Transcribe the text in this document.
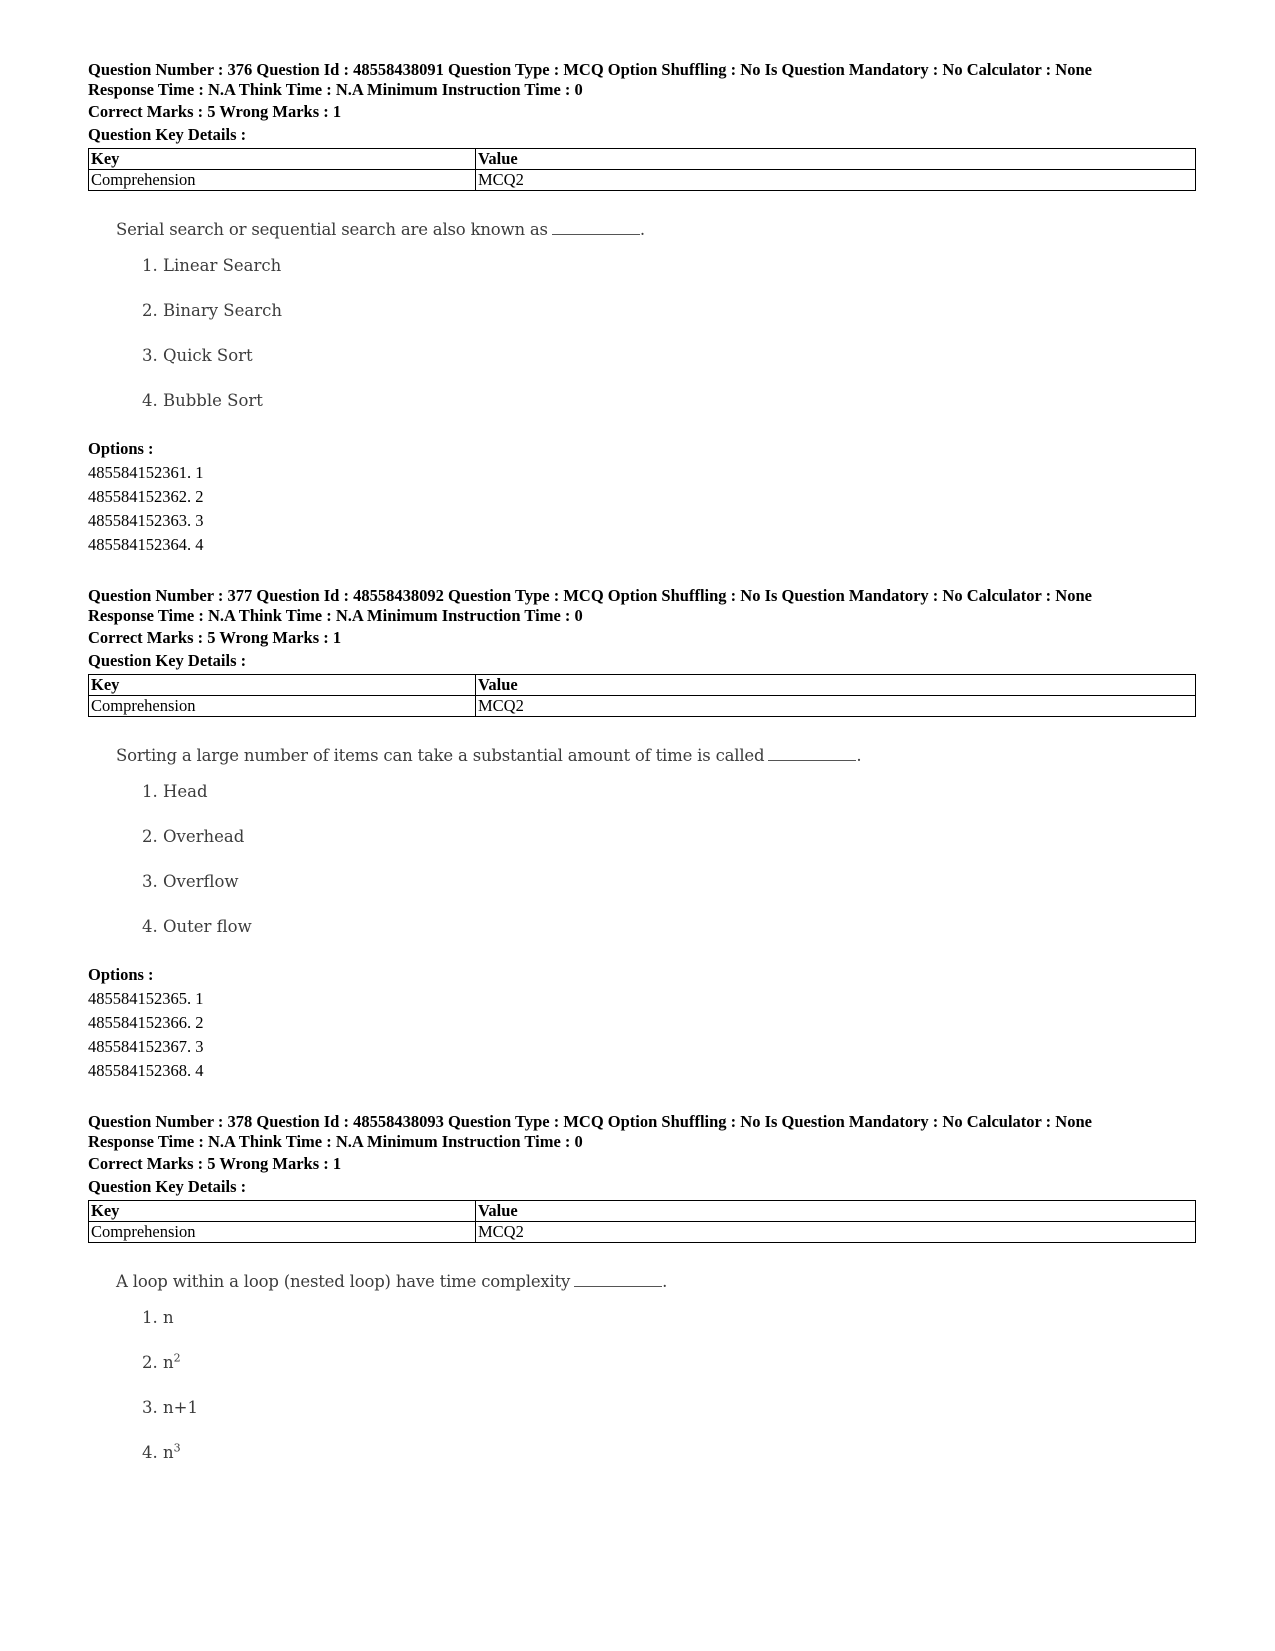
Question Number : 376 Question Id : 48558438091 Question Type : MCQ Option Shuffling : No Is Question Mandatory : No Calculator : None
Response Time : N.A Think Time : N.A Minimum Instruction Time : 0

Correct Marks : 5 Wrong Marks : 1
Question Key Details :
Key	Value
Comprehension	MCQ2
Serial search or sequential search are also known as	.
1. Linear Search
2. Binary Search
3. Quick Sort
4. Bubble Sort
Options :
485584152361. 1
485584152362. 2
485584152363. 3
485584152364. 4

Question Number : 377 Question Id : 48558438092 Question Type : MCQ Option Shuffling : No Is Question Mandatory : No Calculator : None
Response Time : N.A Think Time : N.A Minimum Instruction Time : 0

Correct Marks : 5 Wrong Marks : 1
Question Key Details :
Key	Value
Comprehension	MCQ2
Sorting a large number of items can take a substantial amount of time is called	.
1. Head
2. Overhead
3. Overflow
4. Outer flow
Options :
485584152365. 1
485584152366. 2
485584152367. 3
485584152368. 4

Question Number : 378 Question Id : 48558438093 Question Type : MCQ Option Shuffling : No Is Question Mandatory : No Calculator : None
Response Time : N.A Think Time : N.A Minimum Instruction Time : 0

Correct Marks : 5 Wrong Marks : 1
Question Key Details :
Key	Value
Comprehension	MCQ2
A loop within a loop (nested loop) have time complexity	.
1. n
2. $n^2$
3. n+1
4. $n^3$
